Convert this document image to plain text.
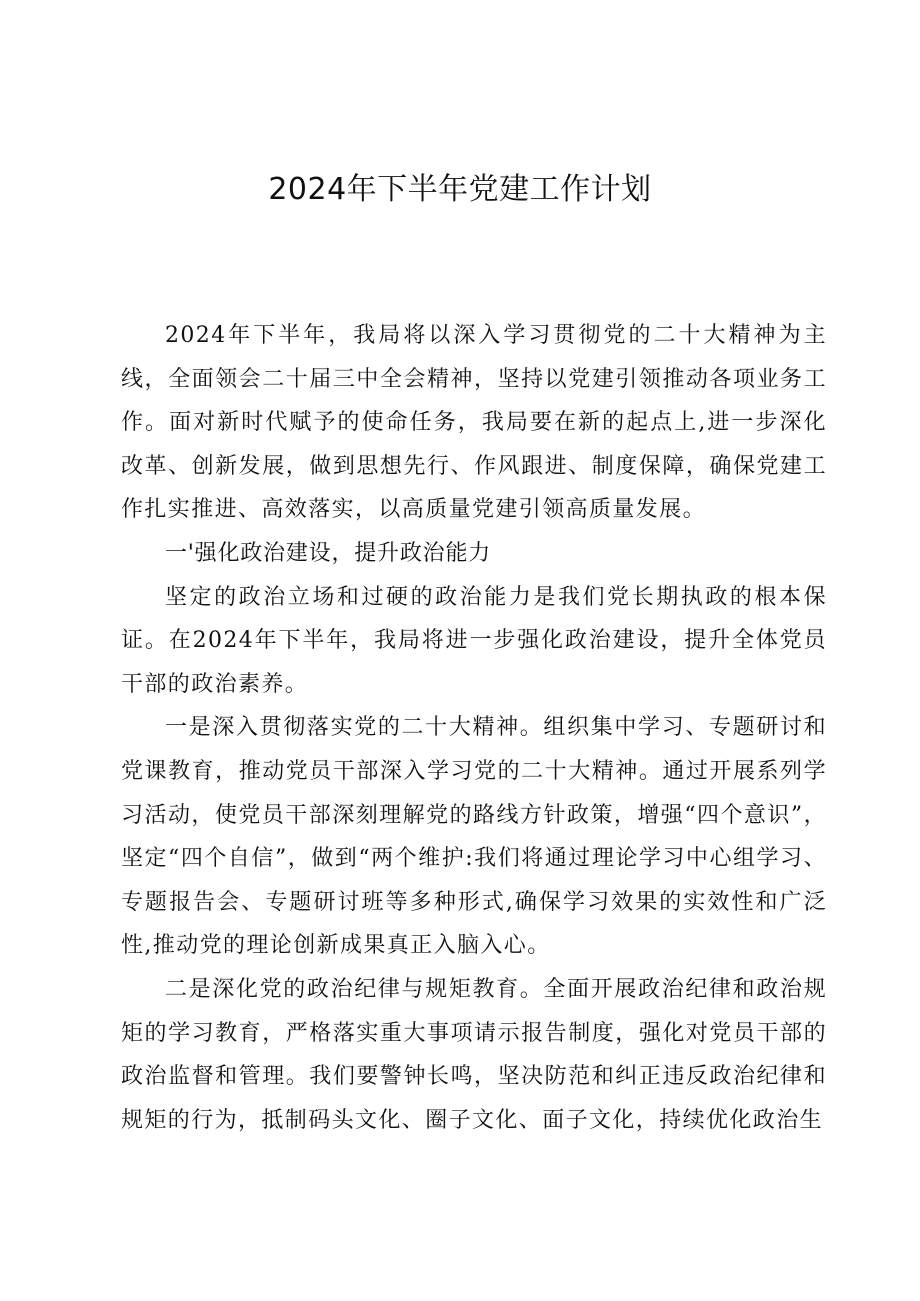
2024年下半年党建工作计划

2024年下半年，我局将以深入学习贯彻党的二十大精神为主线，全面领会二十届三中全会精神，坚持以党建引领推动各项业务工作。面对新时代赋予的使命任务，我局要在新的起点上,进一步深化改革、创新发展，做到思想先行、作风跟进、制度保障，确保党建工作扎实推进、高效落实，以高质量党建引领高质量发展。

一'强化政治建设，提升政治能力

坚定的政治立场和过硬的政治能力是我们党长期执政的根本保证。在2024年下半年，我局将进一步强化政治建设，提升全体党员干部的政治素养。

一是深入贯彻落实党的二十大精神。组织集中学习、专题研讨和党课教育，推动党员干部深入学习党的二十大精神。通过开展系列学习活动，使党员干部深刻理解党的路线方针政策，增强“四个意识”，坚定“四个自信”，做到“两个维护:我们将通过理论学习中心组学习、专题报告会、专题研讨班等多种形式,确保学习效果的实效性和广泛性,推动党的理论创新成果真正入脑入心。

二是深化党的政治纪律与规矩教育。全面开展政治纪律和政治规矩的学习教育，严格落实重大事项请示报告制度，强化对党员干部的政治监督和管理。我们要警钟长鸣，坚决防范和纠正违反政治纪律和规矩的行为，抵制码头文化、圈子文化、面子文化，持续优化政治生
